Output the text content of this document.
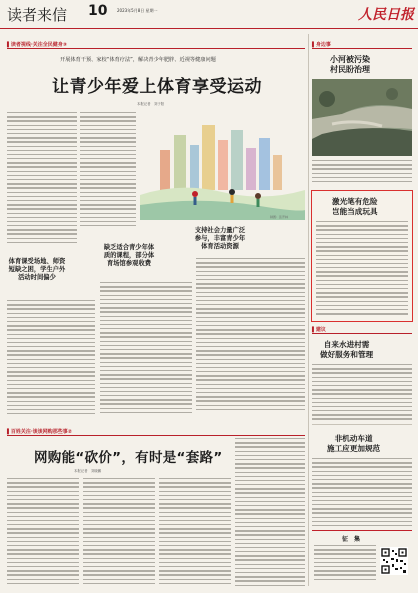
读者来信 10 2023年5月8日 星期一	人民日报
▌读者视线·关注全民健身③
开展体育干预、家校“体育疗法”，解决青少年肥胖、近视等健康问题
让青少年爱上体育享受运动
本报记者　刘子阳
制图：张开林
体育课受场地、师资短缺之困，学生户外活动时间偏少
缺乏适合青少年体质的课程，部分体育场馆参观收费
支持社会力量广泛参与，丰富青少年体育活动资源
▌百姓关注·谈谈网购那些事②
网购能“砍价”，有时是“套路”
本报记者　刘晓鹏
▌身边事
小河被污染
村民盼治理
激光笔有危险
岂能当成玩具
▌建议
自来水进村需
做好服务和管理
非机动车道
施工应更加规范
征　集
